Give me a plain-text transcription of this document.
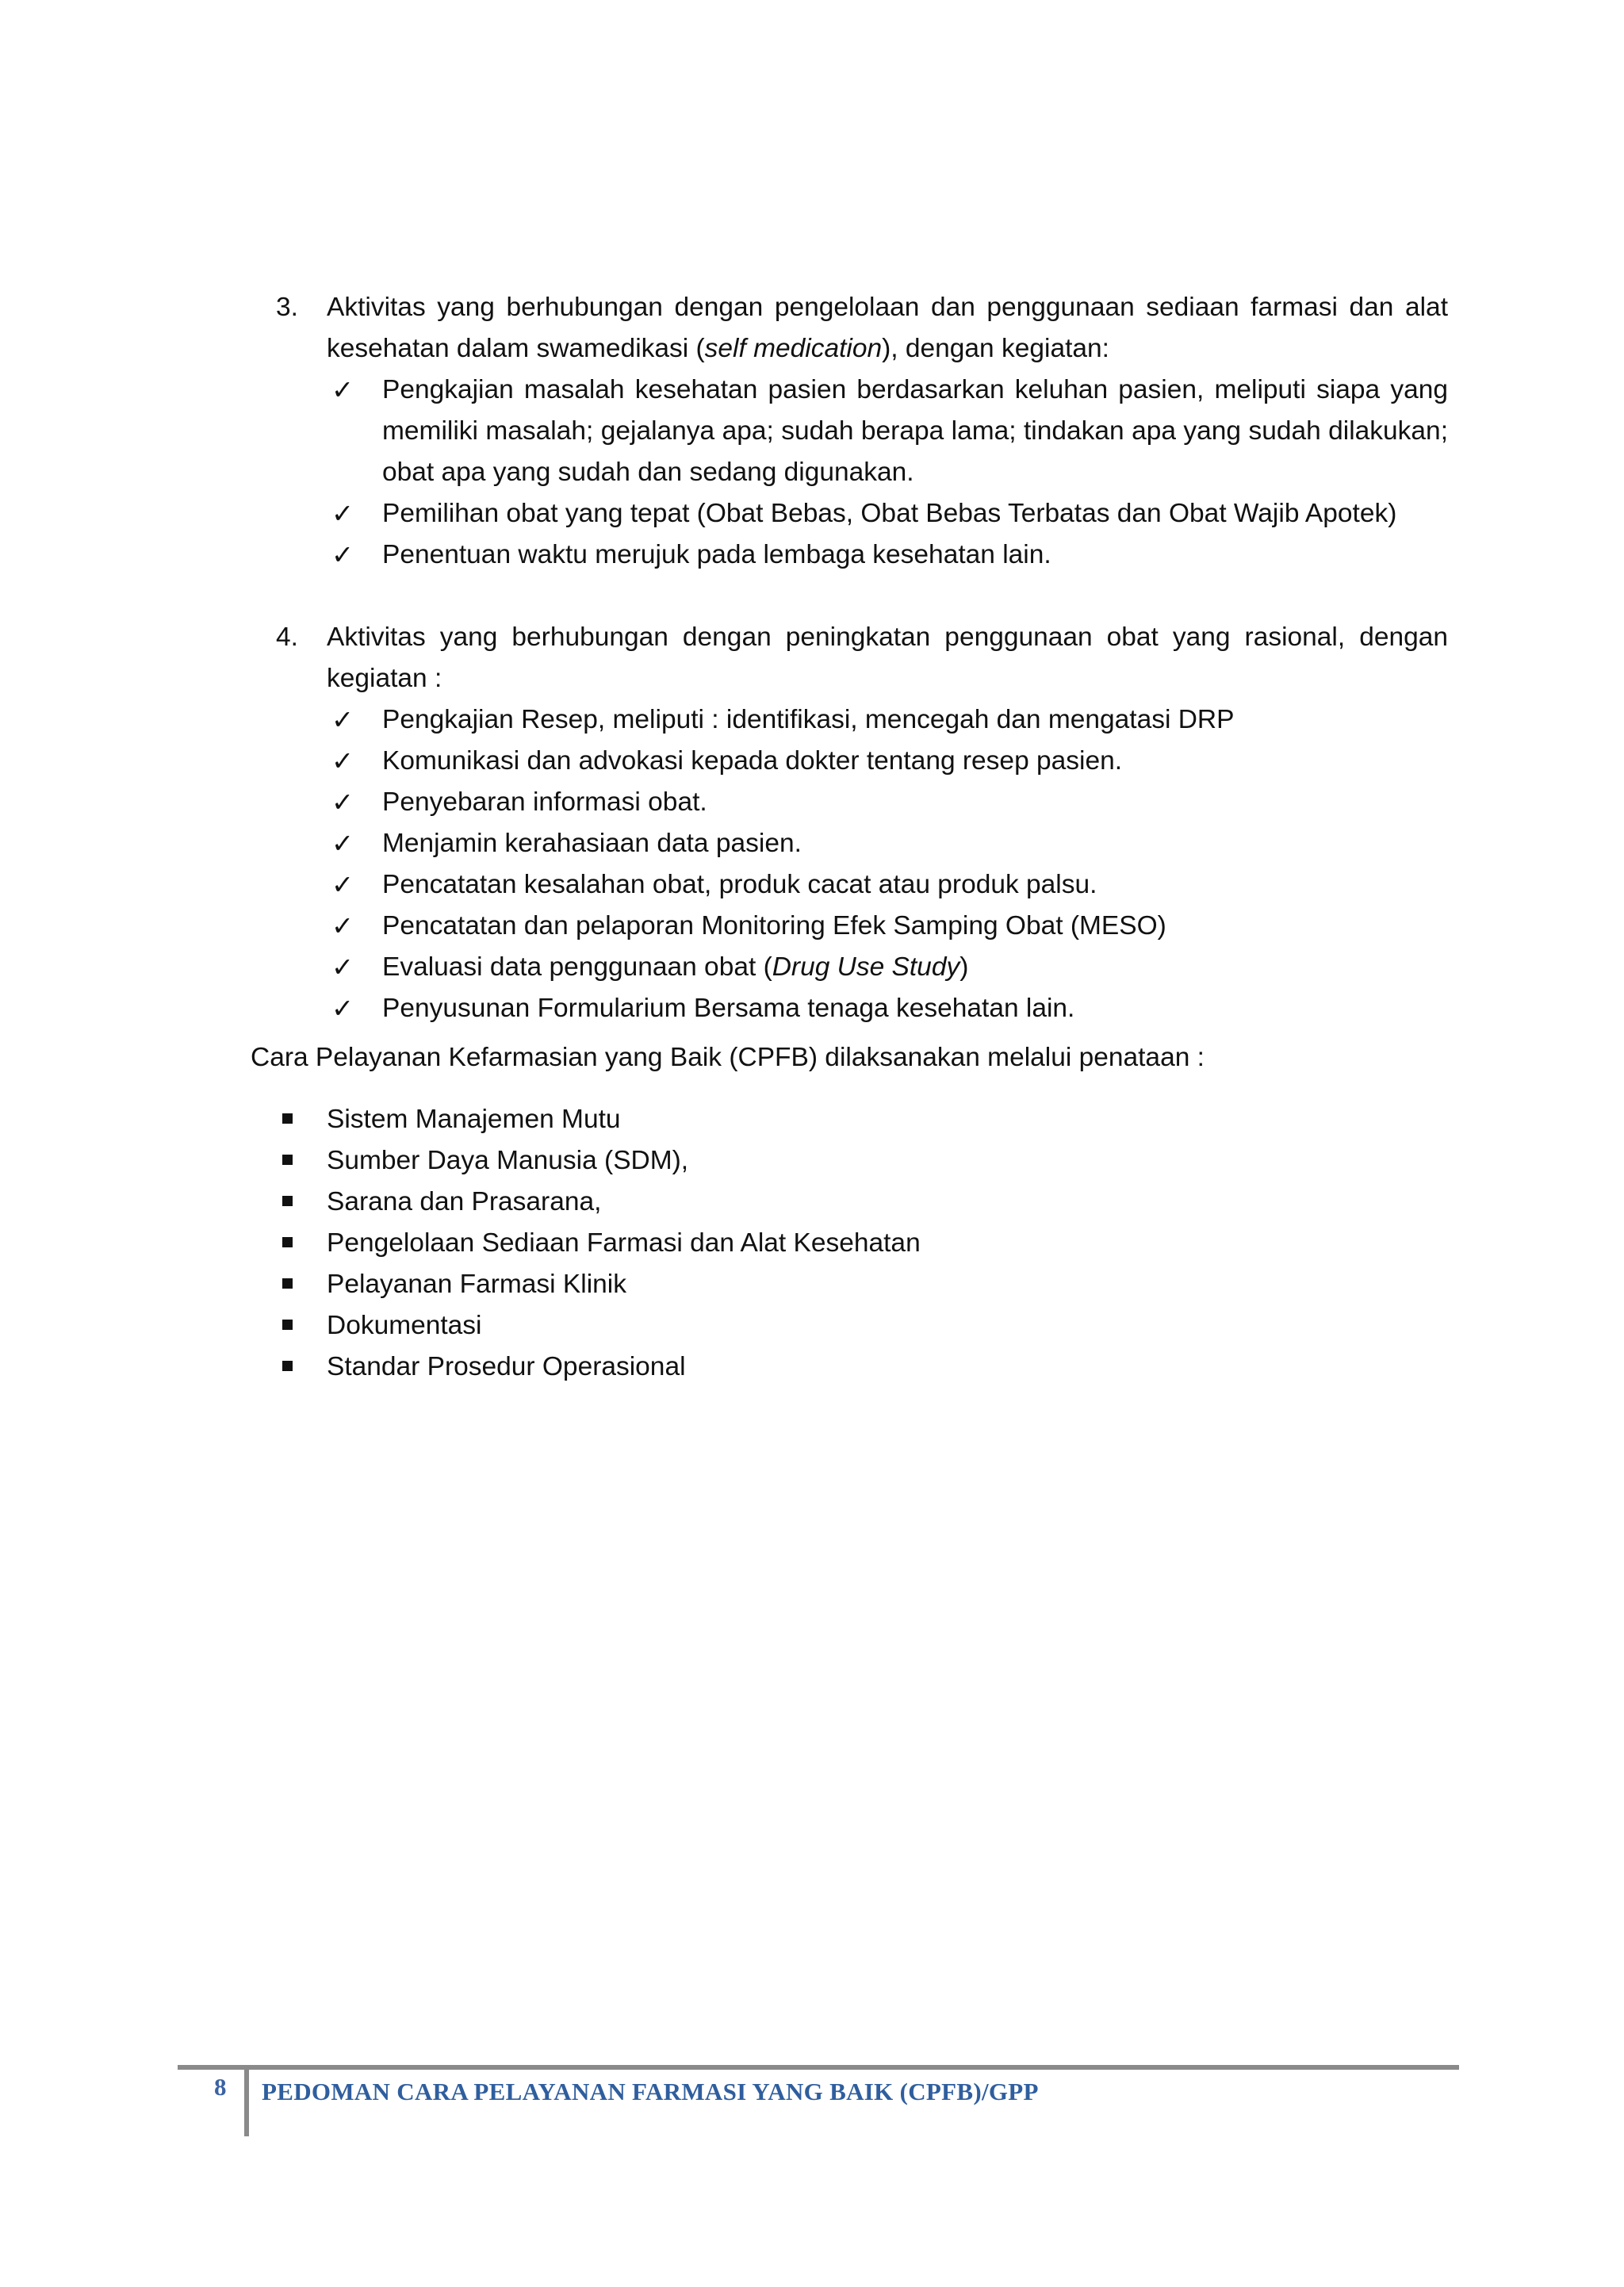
3. Aktivitas yang berhubungan dengan pengelolaan dan penggunaan sediaan farmasi dan alat kesehatan dalam swamedikasi (self medication), dengan kegiatan:
✓ Pengkajian masalah kesehatan pasien berdasarkan keluhan pasien, meliputi siapa yang memiliki masalah; gejalanya apa; sudah berapa lama; tindakan apa yang sudah dilakukan; obat apa yang sudah dan sedang digunakan.
✓ Pemilihan obat yang tepat (Obat Bebas, Obat Bebas Terbatas dan Obat Wajib Apotek)
✓ Penentuan waktu merujuk pada lembaga kesehatan lain.
4. Aktivitas yang berhubungan dengan peningkatan penggunaan obat yang rasional, dengan kegiatan :
✓ Pengkajian Resep, meliputi : identifikasi, mencegah dan mengatasi DRP
✓ Komunikasi dan advokasi kepada dokter tentang resep pasien.
✓ Penyebaran informasi obat.
✓ Menjamin kerahasiaan data pasien.
✓ Pencatatan kesalahan obat, produk cacat atau produk palsu.
✓ Pencatatan dan pelaporan Monitoring Efek Samping Obat (MESO)
✓ Evaluasi data penggunaan obat (Drug Use Study)
✓ Penyusunan Formularium Bersama tenaga kesehatan lain.
Cara Pelayanan Kefarmasian yang Baik (CPFB) dilaksanakan melalui penataan :
Sistem Manajemen Mutu
Sumber Daya Manusia (SDM),
Sarana dan Prasarana,
Pengelolaan Sediaan Farmasi dan Alat Kesehatan
Pelayanan Farmasi Klinik
Dokumentasi
Standar Prosedur Operasional
8 PEDOMAN CARA PELAYANAN FARMASI YANG BAIK (CPFB)/GPP
